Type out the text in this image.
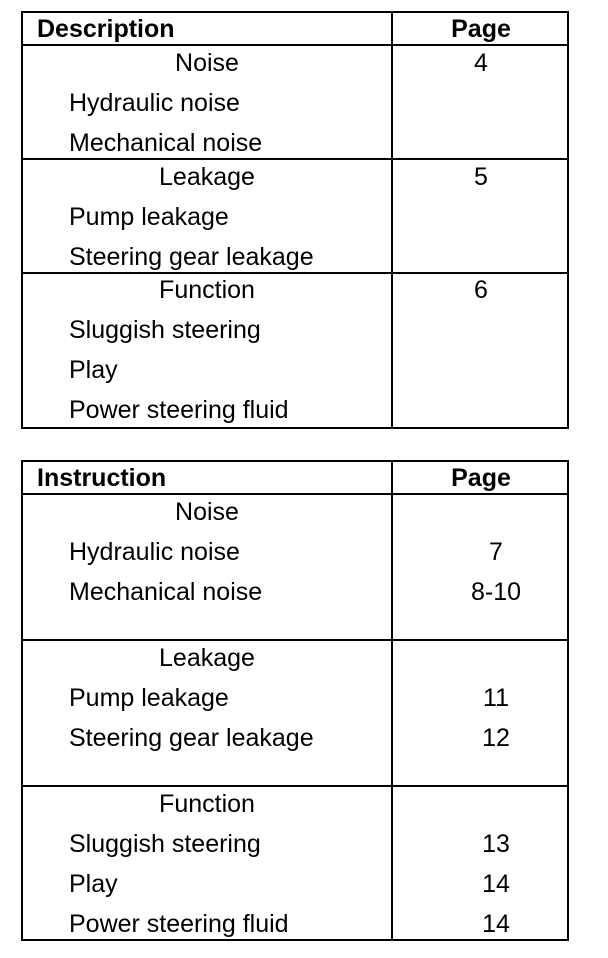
Description	Page
Noise	4
Hydraulic noise
Mechanical noise
Leakage	5
Pump leakage
Steering gear leakage
Function	6
Sluggish steering
Play
Power steering fluid
Instruction	Page
Noise
Hydraulic noise	7
Mechanical noise	8-10
Leakage
Pump leakage	11
Steering gear leakage	12
Function
Sluggish steering	13
Play	14
Power steering fluid	14
